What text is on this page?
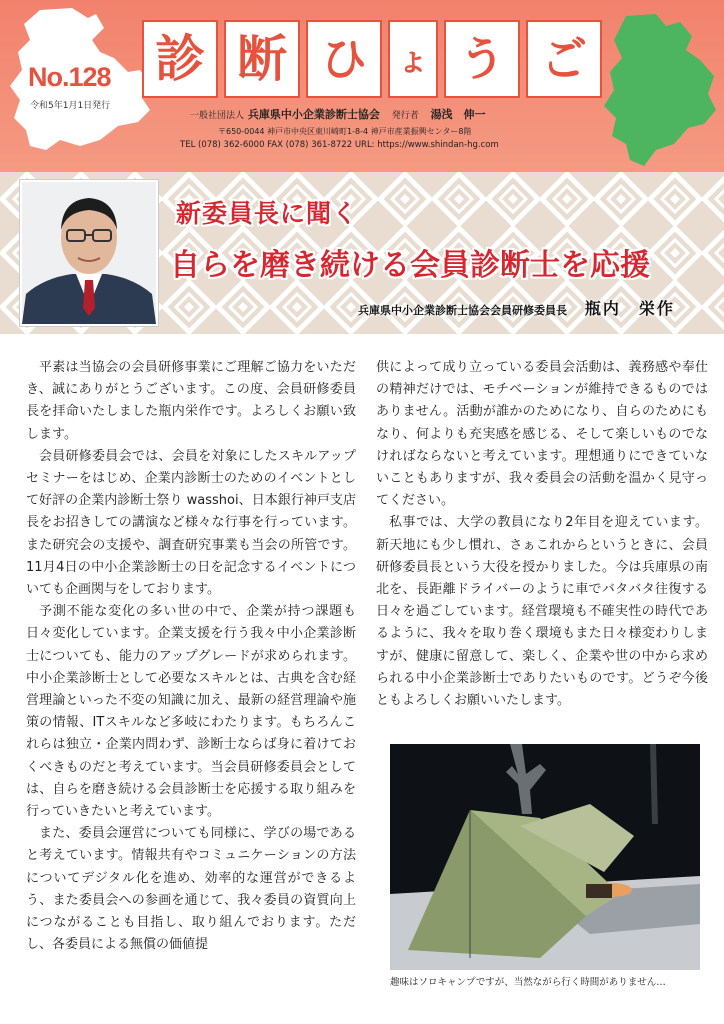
No.128
令和5年1月1日発行
診 断 ひ ょ う ご
一般社団法人 兵庫県中小企業診断士協会 発行者 湯浅　伸一
〒650-0044 神戸市中央区東川崎町1-8-4 神戸市産業振興センター8階
TEL (078) 362-6000 FAX (078) 361-8722 URL: https://www.shindan-hg.com
新委員長に聞く
自らを磨き続ける会員診断士を応援
兵庫県中小企業診断士協会会員研修委員長 瓶内　栄作

平素は当協会の会員研修事業にご理解ご協力をいただき、誠にありがとうございます。この度、会員研修委員長を拝命いたしました瓶内栄作です。よろしくお願い致します。

会員研修委員会では、会員を対象にしたスキルアップセミナーをはじめ、企業内診断士のためのイベントとして好評の企業内診断士祭り wasshoi、日本銀行神戸支店長をお招きしての講演など様々な行事を行っています。また研究会の支援や、調査研究事業も当会の所管です。11月4日の中小企業診断士の日を記念するイベントについても企画関与をしております。

予測不能な変化の多い世の中で、企業が持つ課題も日々変化しています。企業支援を行う我々中小企業診断士についても、能力のアップグレードが求められます。中小企業診断士として必要なスキルとは、古典を含む経営理論といった不変の知識に加え、最新の経営理論や施策の情報、ITスキルなど多岐にわたります。もちろんこれらは独立・企業内問わず、診断士ならば身に着けておくべきものだと考えています。当会員研修委員会としては、自らを磨き続ける会員診断士を応援する取り組みを行っていきたいと考えています。

また、委員会運営についても同様に、学びの場であると考えています。情報共有やコミュニケーションの方法についてデジタル化を進め、効率的な運営ができるよう、また委員会への参画を通じて、我々委員の資質向上につながることも目指し、取り組んでおります。ただし、各委員による無償の価値提

供によって成り立っている委員会活動は、義務感や奉仕の精神だけでは、モチベーションが維持できるものではありません。活動が誰かのためになり、自らのためにもなり、何よりも充実感を感じる、そして楽しいものでなければならないと考えています。理想通りにできていないこともありますが、我々委員会の活動を温かく見守ってください。

私事では、大学の教員になり2年目を迎えています。新天地にも少し慣れ、さぁこれからというときに、会員研修委員長という大役を授かりました。今は兵庫県の南北を、長距離ドライバーのように車でバタバタ往復する日々を過ごしています。経営環境も不確実性の時代であるように、我々を取り巻く環境もまた日々様変わりしますが、健康に留意して、楽しく、企業や世の中から求められる中小企業診断士でありたいものです。どうぞ今後ともよろしくお願いいたします。

趣味はソロキャンプですが、当然ながら行く時間がありません…
